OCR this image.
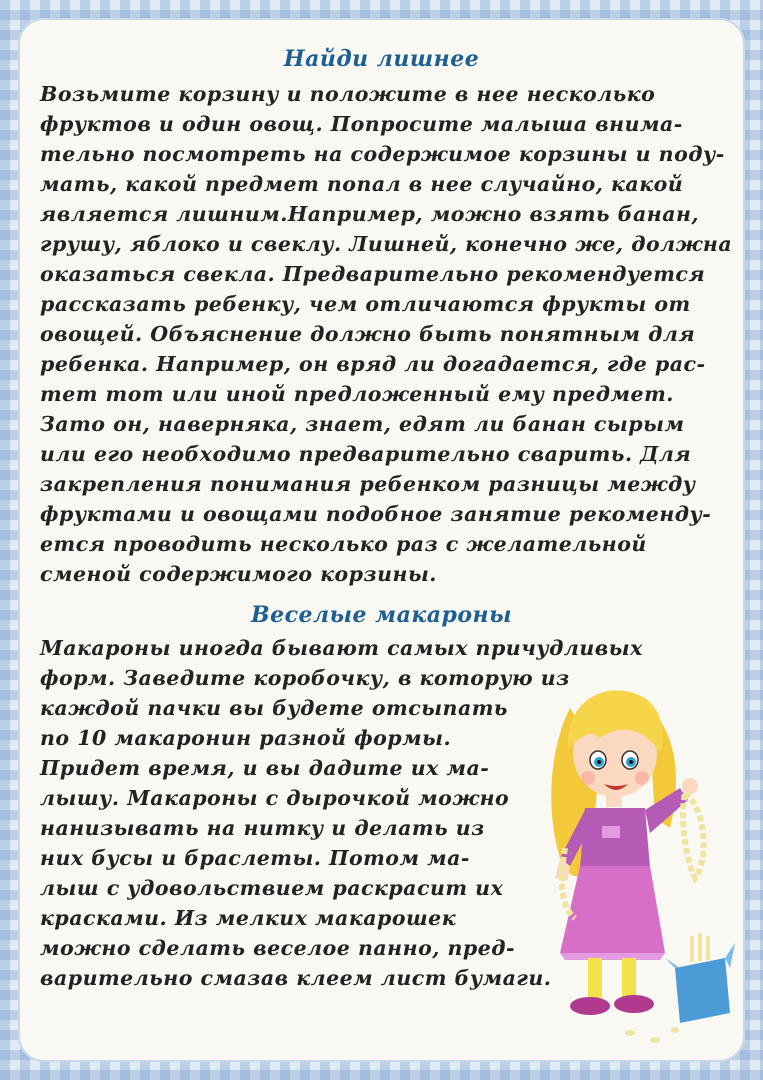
Найди лишнее
Возьмите корзину и положите в нее несколько
фруктов и один овощ. Попросите малыша внима-
тельно посмотреть на содержимое корзины и поду-
мать, какой предмет попал в нее случайно, какой
является лишним.Например, можно взять банан,
грушу, яблоко и свеклу. Лишней, конечно же, должна
оказаться свекла. Предварительно рекомендуется
рассказать ребенку, чем отличаются фрукты от
овощей. Объяснение должно быть понятным для
ребенка. Например, он вряд ли догадается, где рас-
тет тот или иной предложенный ему предмет.
Зато он, наверняка, знает, едят ли банан сырым
или его необходимо предварительно сварить. Для
закрепления понимания ребенком разницы между
фруктами и овощами подобное занятие рекоменду-
ется проводить несколько раз с желательной
сменой содержимого корзины.
Веселые макароны
Макароны иногда бывают самых причудливых
форм. Заведите коробочку, в которую из
каждой пачки вы будете отсыпать
по 10 макаронин разной формы.
Придет время, и вы дадите их ма-
лышу. Макароны с дырочкой можно
нанизывать на нитку и делать из
них бусы и браслеты. Потом ма-
лыш с удовольствием раскрасит их
красками. Из мелких макарошек
можно сделать веселое панно, пред-
варительно смазав клеем лист бумаги.
